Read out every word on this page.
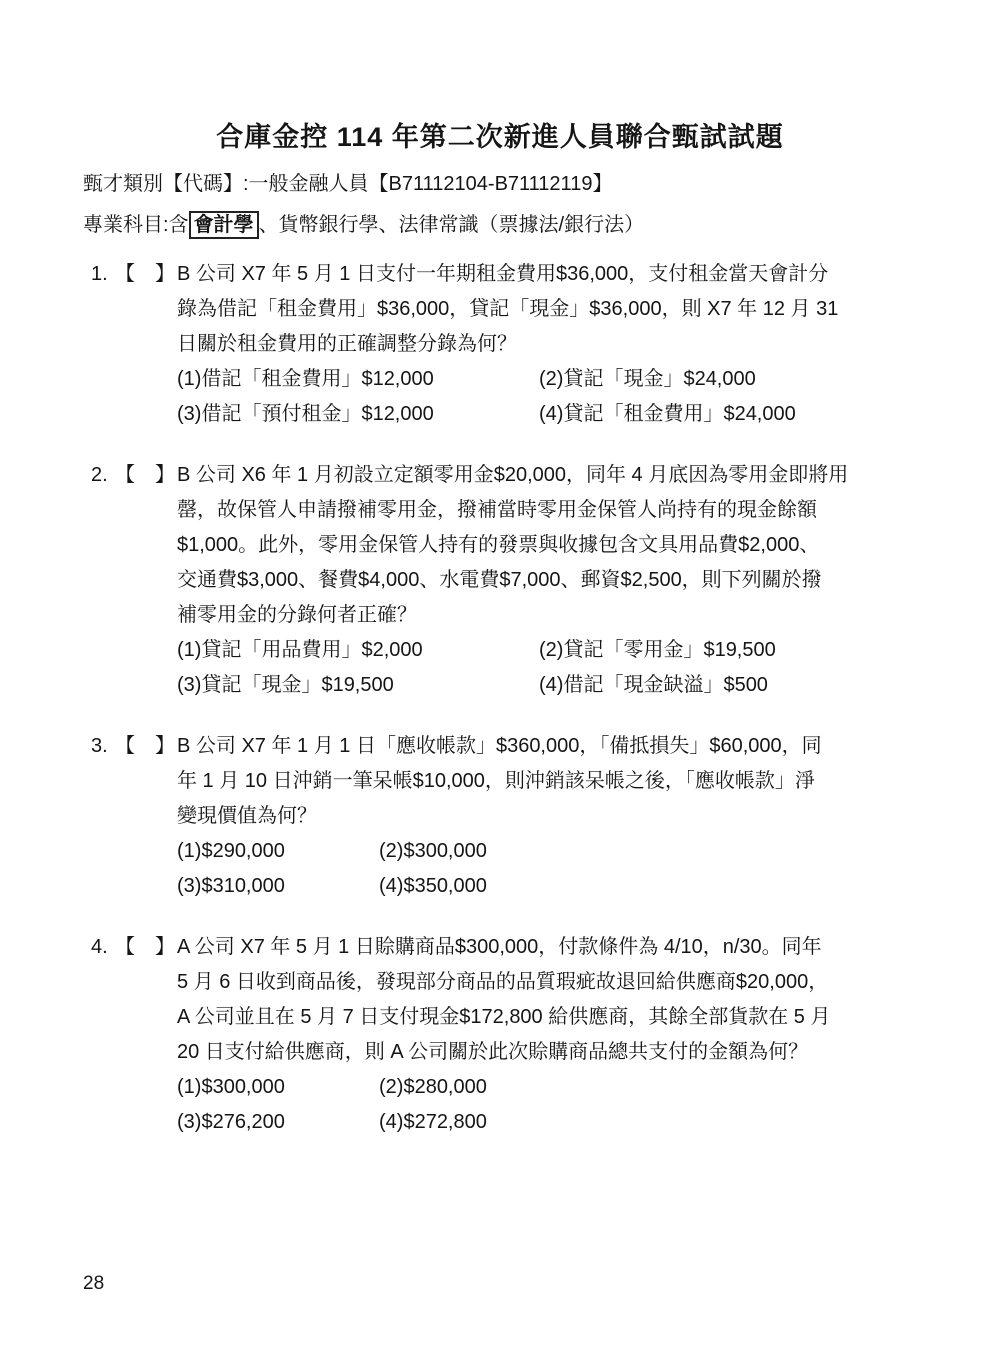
合庫金控 114 年第二次新進人員聯合甄試試題
甄才類別【代碼】:一般金融人員【B71112104-B71112119】
專業科目:含 會計學 、貨幣銀行學、法律常識（票據法/銀行法）
1. 【　】 B 公司 X7 年 5 月 1 日支付一年期租金費用$36,000，支付租金當天會計分
錄為借記「租金費用」$36,000，貸記「現金」$36,000，則 X7 年 12 月 31
日關於租金費用的正確調整分錄為何？
(1)借記「租金費用」$12,000	(2)貸記「現金」$24,000
(3)借記「預付租金」$12,000	(4)貸記「租金費用」$24,000
2. 【　】 B 公司 X6 年 1 月初設立定額零用金$20,000，同年 4 月底因為零用金即將用
罄，故保管人申請撥補零用金，撥補當時零用金保管人尚持有的現金餘額
$1,000。此外，零用金保管人持有的發票與收據包含文具用品費$2,000、
交通費$3,000、餐費$4,000、水電費$7,000、郵資$2,500，則下列關於撥
補零用金的分錄何者正確？
(1)貸記「用品費用」$2,000	(2)貸記「零用金」$19,500
(3)貸記「現金」$19,500	(4)借記「現金缺溢」$500
3. 【　】 B 公司 X7 年 1 月 1 日「應收帳款」$360,000，「備抵損失」$60,000，同
年 1 月 10 日沖銷一筆呆帳$10,000，則沖銷該呆帳之後，「應收帳款」淨
變現價值為何？
(1)$290,000	(2)$300,000
(3)$310,000	(4)$350,000
4. 【　】 A 公司 X7 年 5 月 1 日賒購商品$300,000，付款條件為 4/10，n/30。同年
5 月 6 日收到商品後，發現部分商品的品質瑕疵故退回給供應商$20,000，
A 公司並且在 5 月 7 日支付現金$172,800 給供應商，其餘全部貨款在 5 月
20 日支付給供應商，則 A 公司關於此次賒購商品總共支付的金額為何？
(1)$300,000	(2)$280,000
(3)$276,200	(4)$272,800
28
